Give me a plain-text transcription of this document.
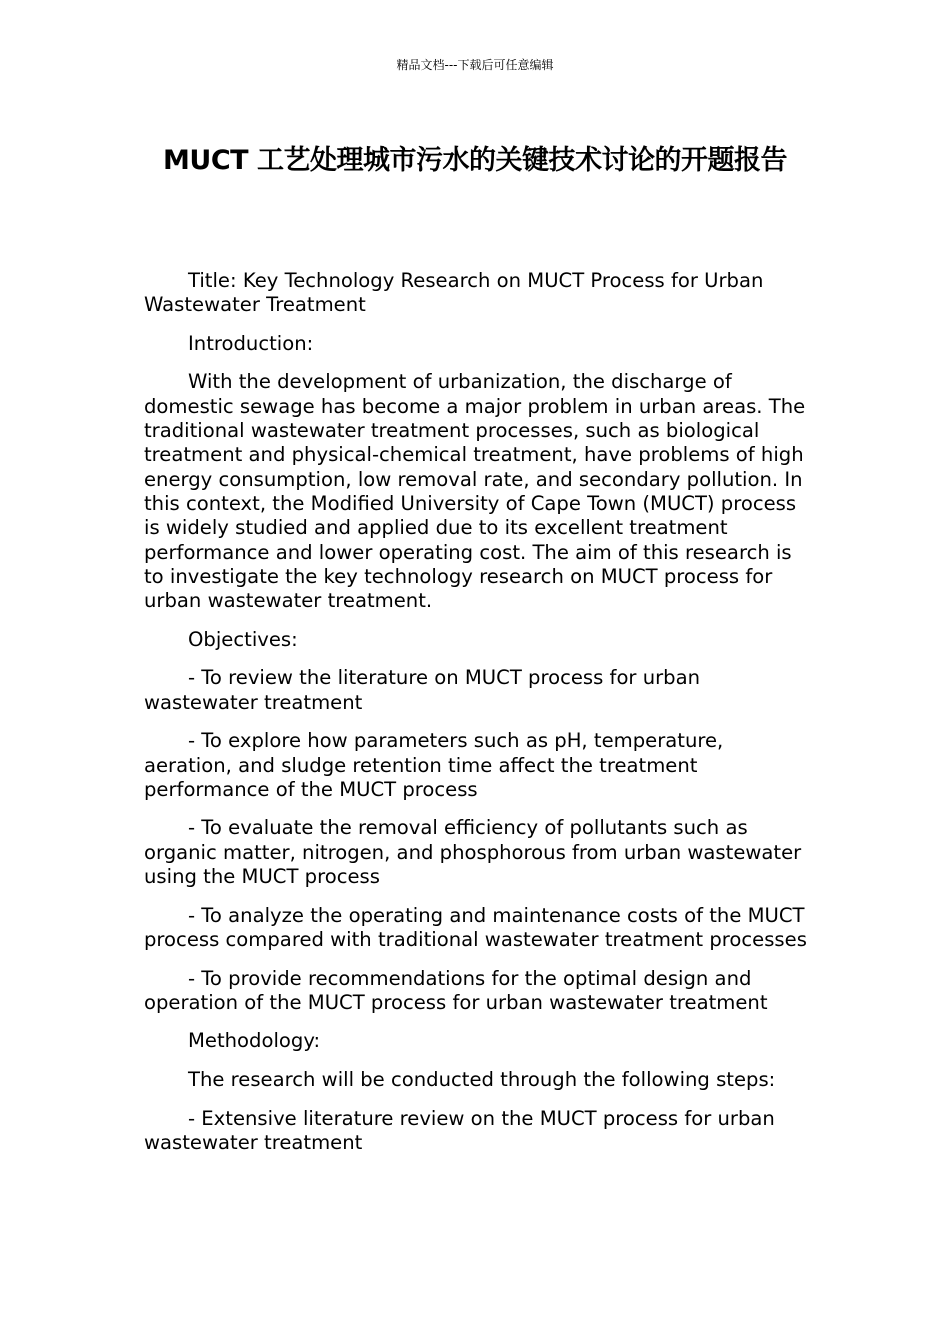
精品文档---下载后可任意编辑
MUCT 工艺处理城市污水的关键技术讨论的开题报告

Title: Key Technology Research on MUCT Process for Urban Wastewater Treatment

Introduction:

With the development of urbanization, the discharge of domestic sewage has become a major problem in urban areas. The traditional wastewater treatment processes, such as biological treatment and physical-chemical treatment, have problems of high energy consumption, low removal rate, and secondary pollution. In this context, the Modified University of Cape Town (MUCT) process is widely studied and applied due to its excellent treatment performance and lower operating cost. The aim of this research is to investigate the key technology research on MUCT process for urban wastewater treatment.

Objectives:

- To review the literature on MUCT process for urban wastewater treatment

- To explore how parameters such as pH, temperature, aeration, and sludge retention time affect the treatment performance of the MUCT process

- To evaluate the removal efficiency of pollutants such as organic matter, nitrogen, and phosphorous from urban wastewater using the MUCT process

- To analyze the operating and maintenance costs of the MUCT process compared with traditional wastewater treatment processes

- To provide recommendations for the optimal design and operation of the MUCT process for urban wastewater treatment

Methodology:

The research will be conducted through the following steps:

- Extensive literature review on the MUCT process for urban wastewater treatment
